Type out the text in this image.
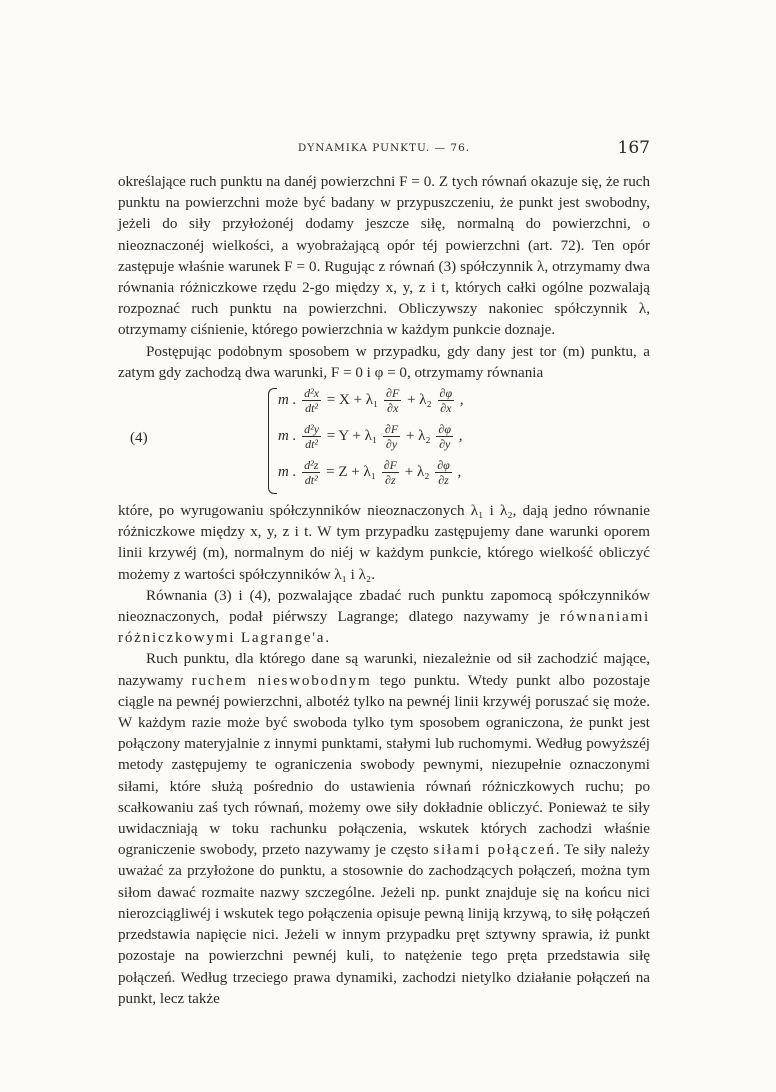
DYNAMIKA PUNKTU. — 76.	167

określające ruch punktu na danéj powierzchni F = 0. Z tych równań okazuje się, że ruch punktu na powierzchni może być badany w przypuszczeniu, że punkt jest swobodny, jeżeli do siły przyłożonéj dodamy jeszcze siłę, normalną do powierzchni, o nieoznaczonéj wielkości, a wyobrażającą opór téj powierzchni (art. 72). Ten opór zastępuje właśnie warunek F = 0. Rugując z równań (3) spółczynnik λ, otrzymamy dwa równania różniczkowe rzędu 2-go między x, y, z i t, których całki ogólne pozwalają rozpoznać ruch punktu na powierzchni. Obliczywszy nakoniec spółczynnik λ, otrzymamy ciśnienie, którego powierzchnia w każdym punkcie doznaje.

Postępując podobnym sposobem w przypadku, gdy dany jest tor (m) punktu, a zatym gdy zachodzą dwa warunki, F = 0 i φ = 0, otrzymamy równania

(4)
m . $\frac{\text{d²x}}{\text{dt²}} = X + \lambda_1 \frac{\partial F}{\partial x} + \lambda_2 \frac{\partial\varphi}{\partial x}$ ,
m . $\frac{\text{d²y}}{\text{dt²}} = Y + \lambda_1 \frac{\partial F}{\partial y} + \lambda_2 \frac{\partial\varphi}{\partial y}$ ,
m . $\frac{\text{d²z}}{\text{dt²}} = Z + \lambda_1 \frac{\partial F}{\partial z} + \lambda_2 \frac{\partial\varphi}{\partial z}$ ,

które, po wyrugowaniu spółczynników nieoznaczonych λ₁ i λ₂, dają jedno równanie różniczkowe między x, y, z i t. W tym przypadku zastępujemy dane warunki oporem linii krzywéj (m), normalnym do niéj w każdym punkcie, którego wielkość obliczyć możemy z wartości spółczynników λ₁ i λ₂.

Równania (3) i (4), pozwalające zbadać ruch punktu zapomocą spółczynników nieoznaczonych, podał piérwszy Lagrange; dlatego nazywamy je równaniami różniczkowymi Lagrange'a.

Ruch punktu, dla którego dane są warunki, niezależnie od sił zachodzić mające, nazywamy ruchem nieswobodnym tego punktu. Wtedy punkt albo pozostaje ciągle na pewnéj powierzchni, albotéż tylko na pewnéj linii krzywéj poruszać się może. W każdym razie może być swoboda tylko tym sposobem ograniczona, że punkt jest połączony materyjalnie z innymi punktami, stałymi lub ruchomymi. Według powyższéj metody zastępujemy te ograniczenia swobody pewnymi, niezupełnie oznaczonymi siłami, które służą pośrednio do ustawienia równań różniczkowych ruchu; po scałkowaniu zaś tych równań, możemy owe siły dokładnie obliczyć. Ponieważ te siły uwidaczniają w toku rachunku połączenia, wskutek których zachodzi właśnie ograniczenie swobody, przeto nazywamy je często siłami połączeń. Te siły należy uważać za przyłożone do punktu, a stosownie do zachodzących połączeń, można tym siłom dawać rozmaite nazwy szczególne. Jeżeli np. punkt znajduje się na końcu nici nierozciągliwéj i wskutek tego połączenia opisuje pewną liniją krzywą, to siłę połączeń przedstawia napięcie nici. Jeżeli w innym przypadku pręt sztywny sprawia, iż punkt pozostaje na powierzchni pewnéj kuli, to natężenie tego pręta przedstawia siłę połączeń. Według trzeciego prawa dynamiki, zachodzi nietylko działanie połączeń na punkt, lecz także
